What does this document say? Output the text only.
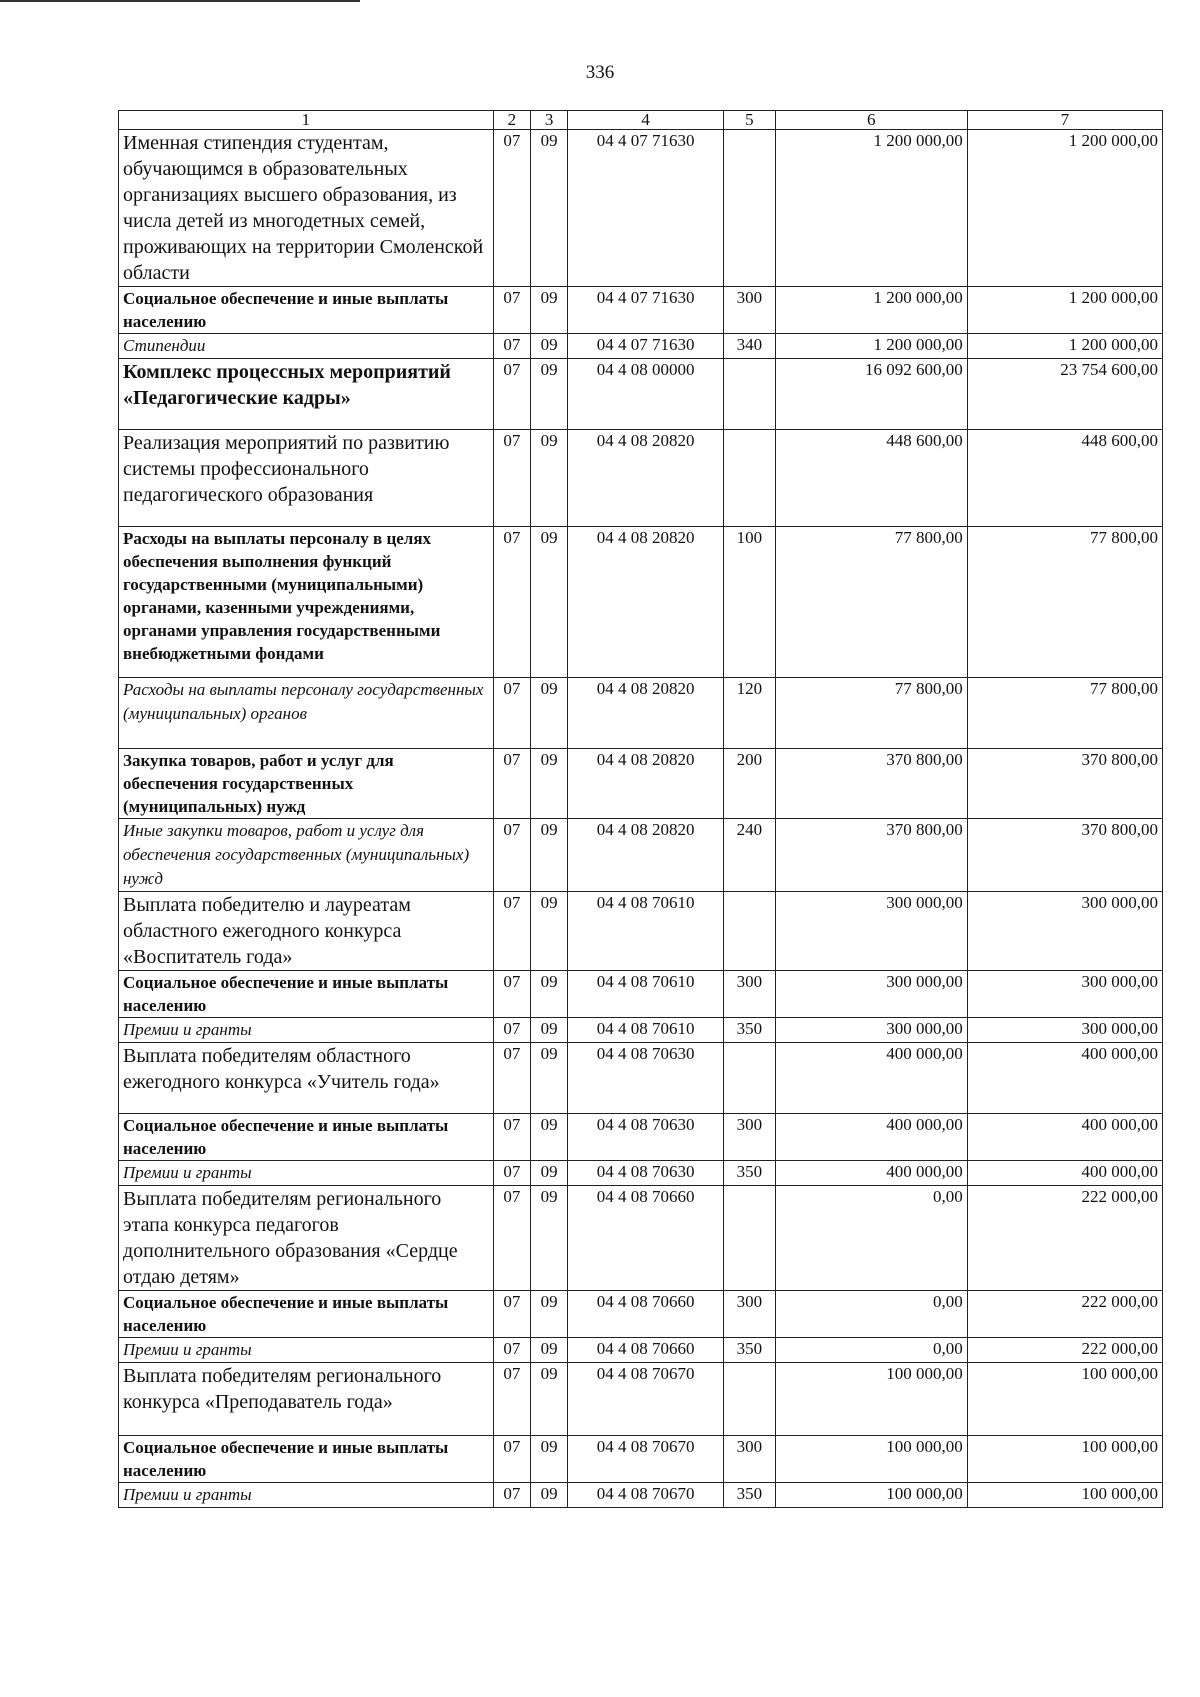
336
1	2	3	4	5	6	7
Именная стипендия студентам, обучающимся в образовательных организациях высшего образования, из числа детей из многодетных семей, проживающих на территории Смоленской области	07	09	04 4 07 71630		1 200 000,00	1 200 000,00
Социальное обеспечение и иные выплаты населению	07	09	04 4 07 71630	300	1 200 000,00	1 200 000,00
Стипендии	07	09	04 4 07 71630	340	1 200 000,00	1 200 000,00
Комплекс процессных мероприятий «Педагогические кадры»	07	09	04 4 08 00000		16 092 600,00	23 754 600,00
Реализация мероприятий по развитию системы профессионального педагогического образования	07	09	04 4 08 20820		448 600,00	448 600,00
Расходы на выплаты персоналу в целях обеспечения выполнения функций государственными (муниципальными) органами, казенными учреждениями, органами управления государственными внебюджетными фондами	07	09	04 4 08 20820	100	77 800,00	77 800,00
Расходы на выплаты персоналу государственных (муниципальных) органов	07	09	04 4 08 20820	120	77 800,00	77 800,00
Закупка товаров, работ и услуг для обеспечения государственных (муниципальных) нужд	07	09	04 4 08 20820	200	370 800,00	370 800,00
Иные закупки товаров, работ и услуг для обеспечения государственных (муниципальных) нужд	07	09	04 4 08 20820	240	370 800,00	370 800,00
Выплата победителю и лауреатам областного ежегодного конкурса «Воспитатель года»	07	09	04 4 08 70610		300 000,00	300 000,00
Социальное обеспечение и иные выплаты населению	07	09	04 4 08 70610	300	300 000,00	300 000,00
Премии и гранты	07	09	04 4 08 70610	350	300 000,00	300 000,00
Выплата победителям областного ежегодного конкурса «Учитель года»	07	09	04 4 08 70630		400 000,00	400 000,00
Социальное обеспечение и иные выплаты населению	07	09	04 4 08 70630	300	400 000,00	400 000,00
Премии и гранты	07	09	04 4 08 70630	350	400 000,00	400 000,00
Выплата победителям регионального этапа конкурса педагогов дополнительного образования «Сердце отдаю детям»	07	09	04 4 08 70660		0,00	222 000,00
Социальное обеспечение и иные выплаты населению	07	09	04 4 08 70660	300	0,00	222 000,00
Премии и гранты	07	09	04 4 08 70660	350	0,00	222 000,00
Выплата победителям регионального конкурса «Преподаватель года»	07	09	04 4 08 70670		100 000,00	100 000,00
Социальное обеспечение и иные выплаты населению	07	09	04 4 08 70670	300	100 000,00	100 000,00
Премии и гранты	07	09	04 4 08 70670	350	100 000,00	100 000,00
